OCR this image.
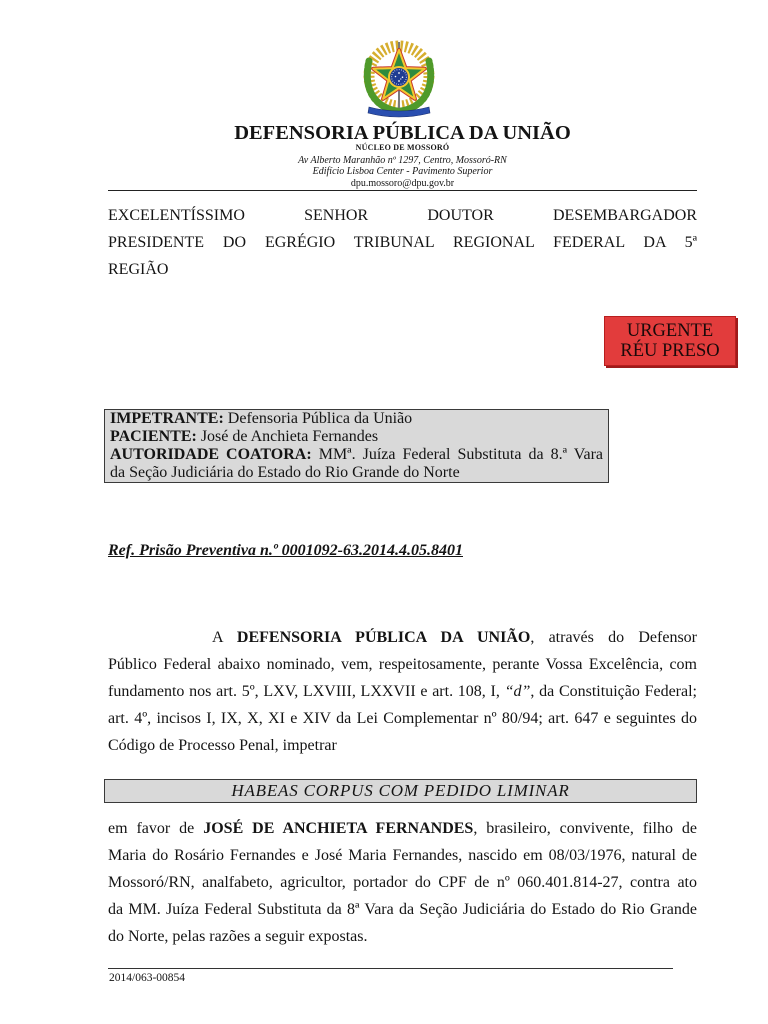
DEFENSORIA PÚBLICA DA UNIÃO
NÚCLEO DE MOSSORÓ
Av Alberto Maranhão nº 1297, Centro, Mossoró-RN
Edifício Lisboa Center - Pavimento Superior
dpu.mossoro@dpu.gov.br
EXCELENTÍSSIMO SENHOR DOUTOR DESEMBARGADOR
PRESIDENTE DO EGRÉGIO TRIBUNAL REGIONAL FEDERAL DA 5ª
REGIÃO
URGENTE
RÉU PRESO
IMPETRANTE: Defensoria Pública da União
PACIENTE: José de Anchieta Fernandes
AUTORIDADE COATORA: MMª. Juíza Federal Substituta da 8.ª Vara
da Seção Judiciária do Estado do Rio Grande do Norte
Ref. Prisão Preventiva n.º 0001092-63.2014.4.05.8401
A DEFENSORIA PÚBLICA DA UNIÃO, através do Defensor
Público Federal abaixo nominado, vem, respeitosamente, perante Vossa Excelência, com
fundamento nos art. 5º, LXV, LXVIII, LXXVII e art. 108, I, “d”, da Constituição Federal;
art. 4º, incisos I, IX, X, XI e XIV da Lei Complementar nº 80/94; art. 647 e seguintes do
Código de Processo Penal, impetrar
HABEAS CORPUS COM PEDIDO LIMINAR
em favor de JOSÉ DE ANCHIETA FERNANDES, brasileiro, convivente, filho de
Maria do Rosário Fernandes e José Maria Fernandes, nascido em 08/03/1976, natural de
Mossoró/RN, analfabeto, agricultor, portador do CPF de nº 060.401.814-27, contra ato
da MM. Juíza Federal Substituta da 8ª Vara da Seção Judiciária do Estado do Rio Grande
do Norte, pelas razões a seguir expostas.
2014/063-00854
